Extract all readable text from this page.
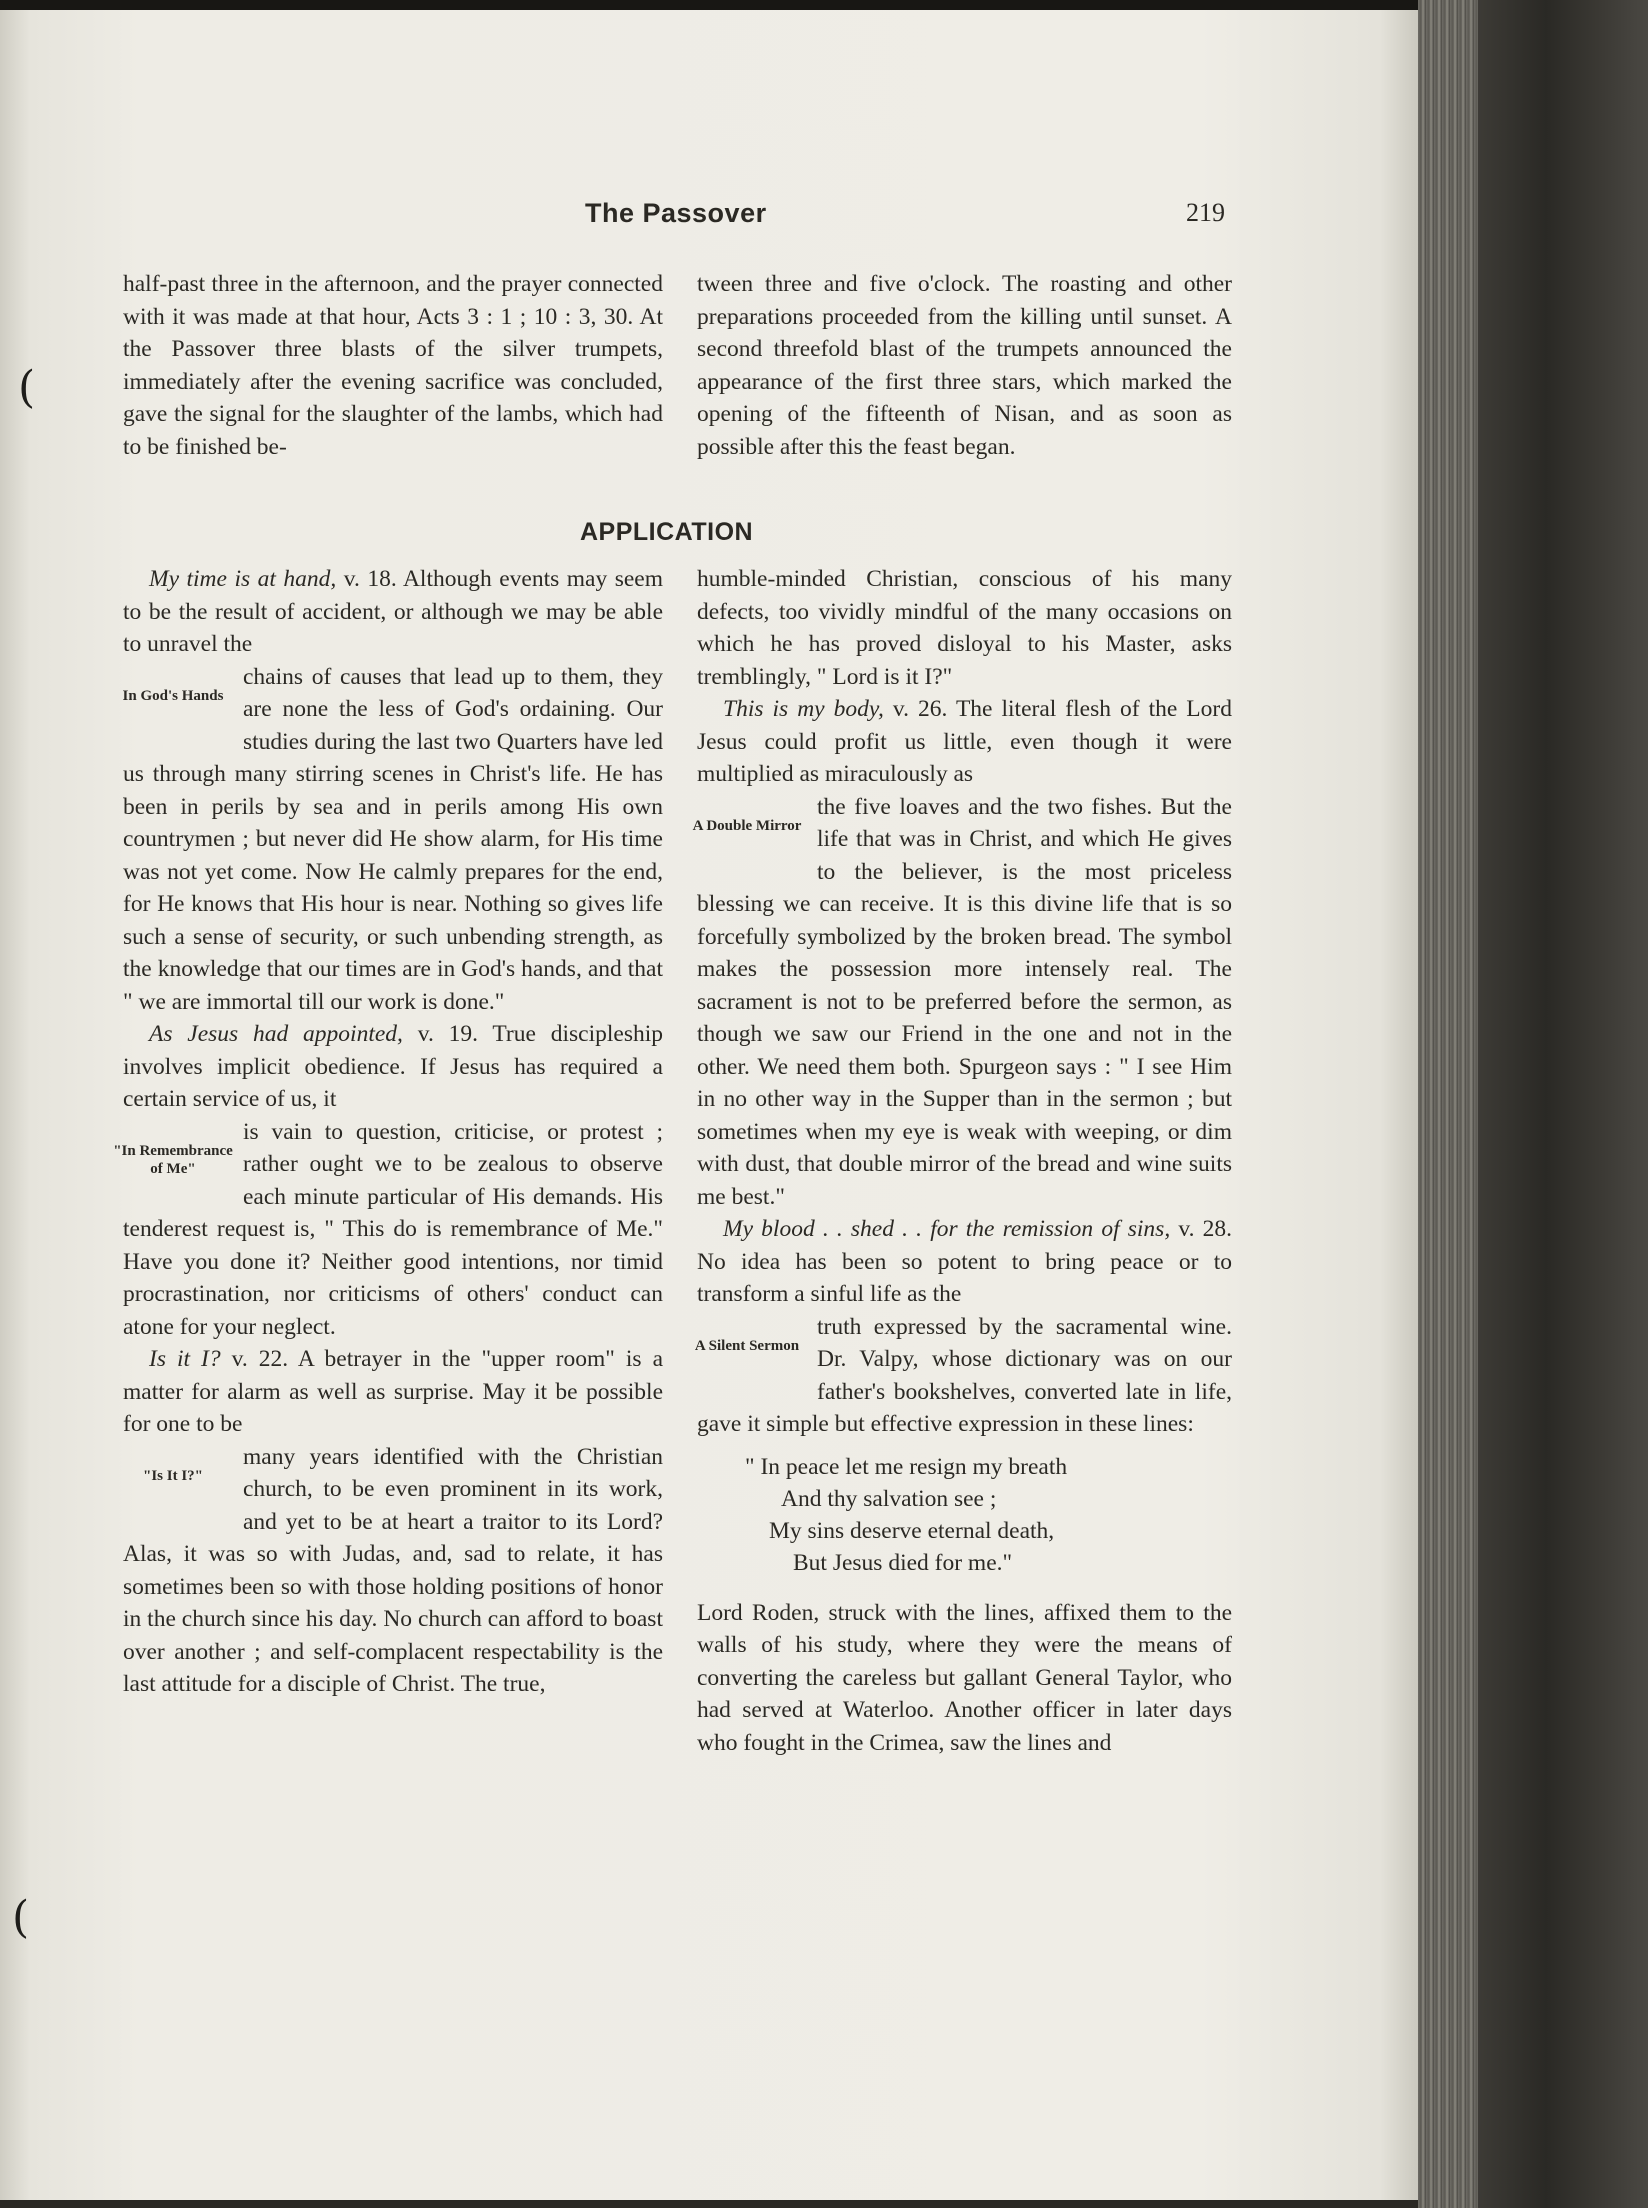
(
(
The Passover	219

half-past three in the afternoon, and the prayer connected with it was made at that hour, Acts 3 : 1 ; 10 : 3, 30. At the Passover three blasts of the silver trumpets, immediately after the evening sacrifice was concluded, gave the signal for the slaughter of the lambs, which had to be finished be-

tween three and five o'clock. The roasting and other preparations proceeded from the killing until sunset. A second threefold blast of the trumpets announced the appearance of the first three stars, which marked the opening of the fifteenth of Nisan, and as soon as possible after this the feast began.

APPLICATION

My time is at hand, v. 18. Although events may seem to be the result of accident, or although we may be able to unravel the

In God's Hands

chains of causes that lead up to them, they are none the less of God's ordaining. Our studies during the last two Quarters have led us through many stirring scenes in Christ's life. He has been in perils by sea and in perils among His own countrymen ; but never did He show alarm, for His time was not yet come. Now He calmly prepares for the end, for He knows that His hour is near. Nothing so gives life such a sense of security, or such unbending strength, as the knowledge that our times are in God's hands, and that " we are immortal till our work is done."

As Jesus had appointed, v. 19. True discipleship involves implicit obedience. If Jesus has required a certain service of us, it

"In Remembrance of Me"

is vain to question, criticise, or protest ; rather ought we to be zealous to observe each minute particular of His demands. His tenderest request is, " This do is remembrance of Me." Have you done it? Neither good intentions, nor timid procrastination, nor criticisms of others' conduct can atone for your neglect.

Is it I? v. 22. A betrayer in the "upper room" is a matter for alarm as well as surprise. May it be possible for one to be

"Is It I?"

many years identified with the Christian church, to be even prominent in its work, and yet to be at heart a traitor to its Lord? Alas, it was so with Judas, and, sad to relate, it has sometimes been so with those holding positions of honor in the church since his day. No church can afford to boast over another ; and self-complacent respectability is the last attitude for a disciple of Christ. The true,

humble-minded Christian, conscious of his many defects, too vividly mindful of the many occasions on which he has proved disloyal to his Master, asks tremblingly, " Lord is it I?"

This is my body, v. 26. The literal flesh of the Lord Jesus could profit us little, even though it were multiplied as miraculously as

A Double Mirror

the five loaves and the two fishes. But the life that was in Christ, and which He gives to the believer, is the most priceless blessing we can receive. It is this divine life that is so forcefully symbolized by the broken bread. The symbol makes the possession more intensely real. The sacrament is not to be preferred before the sermon, as though we saw our Friend in the one and not in the other. We need them both. Spurgeon says : " I see Him in no other way in the Supper than in the sermon ; but sometimes when my eye is weak with weeping, or dim with dust, that double mirror of the bread and wine suits me best."

My blood . . shed . . for the remission of sins, v. 28. No idea has been so potent to bring peace or to transform a sinful life as the

A Silent Sermon

truth expressed by the sacramental wine. Dr. Valpy, whose dictionary was on our father's bookshelves, converted late in life, gave it simple but effective expression in these lines:

" In peace let me resign my breath
And thy salvation see ;
My sins deserve eternal death,
But Jesus died for me."

Lord Roden, struck with the lines, affixed them to the walls of his study, where they were the means of converting the careless but gallant General Taylor, who had served at Waterloo. Another officer in later days who fought in the Crimea, saw the lines and
